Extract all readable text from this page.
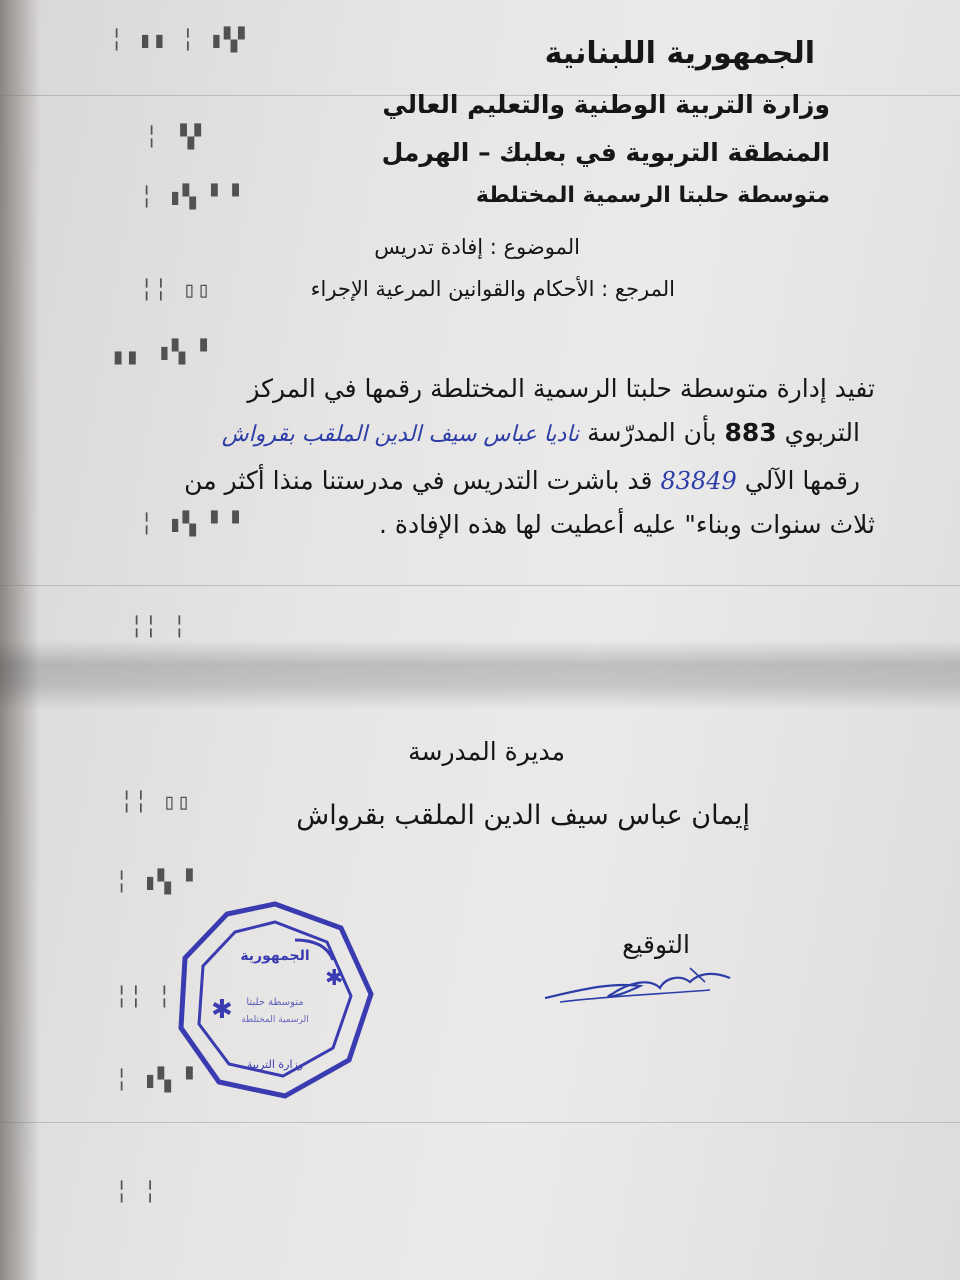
╎ ▮▮ ╎ ▮▚▘
╎ ▝▞
╎ ▮▚ ▘▝
╎╎ ▯▯
▖▖ ▮▚ ▘
╎ ▮▚ ▘▝
╎╎ ╎
╎╎ ▯▯
╎ ▮▚ ▘
╎╎ ╎
╎ ▮▚ ▘
╎ ╎
الجمهورية اللبنانية
وزارة التربية الوطنية والتعليم العالي
المنطقة التربوية في بعلبك – الهرمل
متوسطة حلبتا الرسمية المختلطة
الموضوع : إفادة تدريس
المرجع : الأحكام والقوانين المرعية الإجراء
تفيد إدارة متوسطة حلبتا الرسمية المختلطة رقمها في المركز
التربوي 883 بأن المدرّسة ناديا عباس سيف الدين الملقب بقرواش
رقمها الآلي 83849 قد باشرت التدريس في مدرستنا منذا أكثر من
ثلاث سنوات وبناء" عليه أعطيت لها هذه الإفادة .
مديرة المدرسة
إيمان عباس سيف الدين الملقب بقرواش
التوقيع
✱
✱
متوسطة حلبتا
الرسمية المختلطة
الجمهورية
وزارة التربية
